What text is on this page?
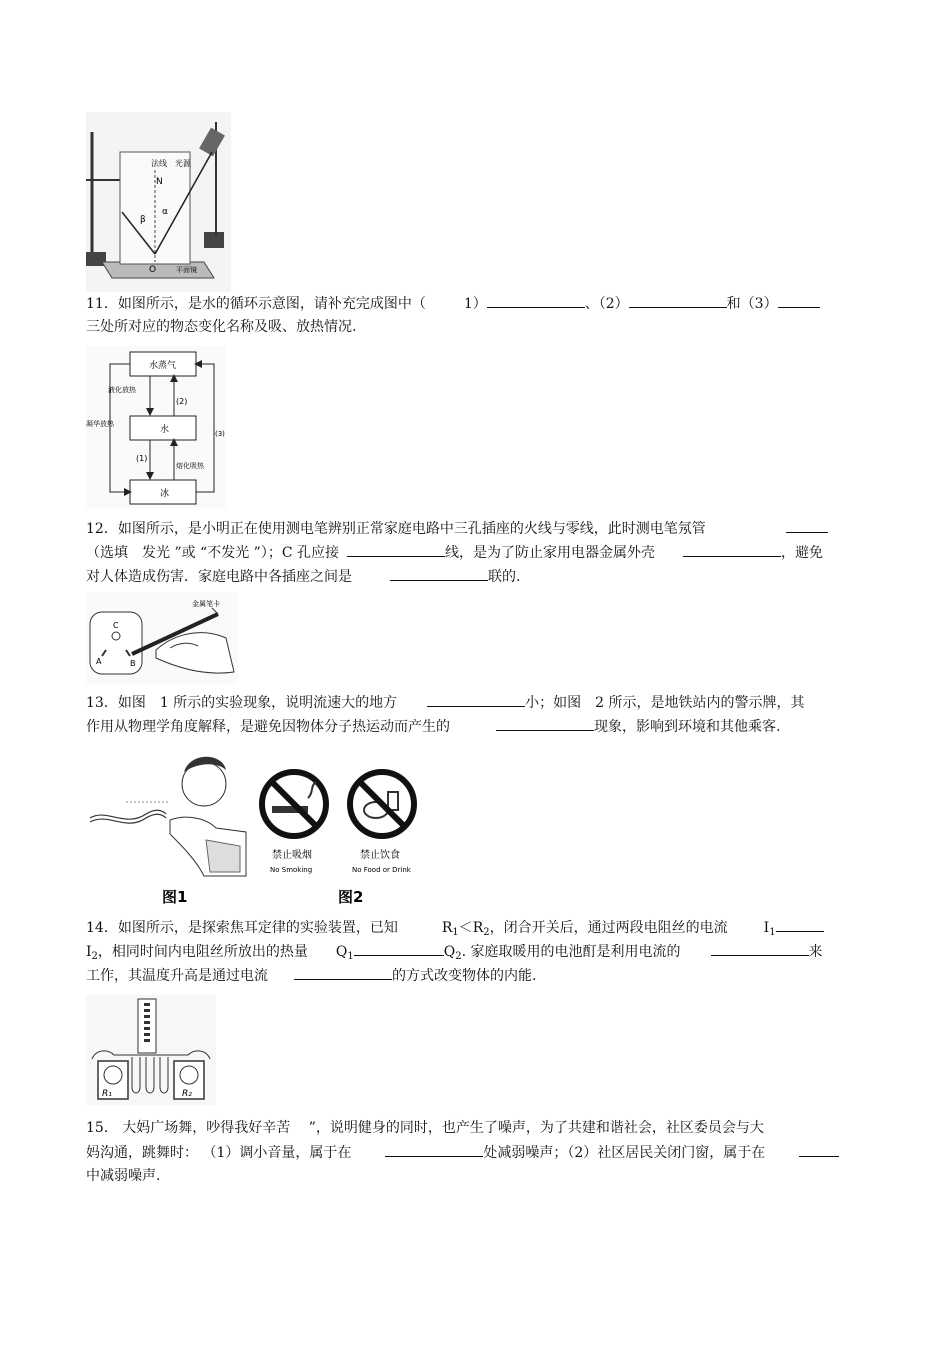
法线　光源
N
β
α
O	平面镜
11．如图所示，是水的循环示意图，请补充完成图中（	1）	、（2）	和（3）
三处所对应的物态变化名称及吸、放热情况.
水蒸气
水
冰
液化放热
(2)
(3)
凝华放热
(1)
熔化吸热
12．如图所示，是小明正在使用测电笔辨别正常家庭电路中三孔插座的火线与零线，此时测电笔氖管
（选填　发光 ”或 “不发光 ”）；C 孔应接	线，是为了防止家用电器金属外壳	，避免
对人体造成伤害．家庭电路中各插座之间是	联的.
C
A	B
金属笔卡
13．如图　1 所示的实验现象，说明流速大的地方	小；如图　2 所示，是地铁站内的警示牌，其
作用从物理学角度解释，是避免因物体分子热运动而产生的	现象，影响到环境和其他乘客.
图1
禁止吸烟
No Smoking
禁止饮食
No Food or Drink
图2
14．如图所示，是探索焦耳定律的实验装置，已知	$R_1<R_2$，闭合开关后，通过两段电阻丝的电流	$I_1$
$I_2$，相同时间内电阻丝所放出的热量 $Q_1$	$Q_2$. 家庭取暖用的电池酊是利用电流的	来
工作，其温度升高是通过电流	的方式改变物体的内能.
R₁	R₂
15． 大妈广场舞，吵得我好辛苦　 ”，说明健身的同时，也产生了噪声，为了共建和谐社会，社区委员会与大
妈沟通，跳舞时： （1）调小音量，属于在	处减弱噪声；（2）社区居民关闭门窗，属于在
中减弱噪声.
